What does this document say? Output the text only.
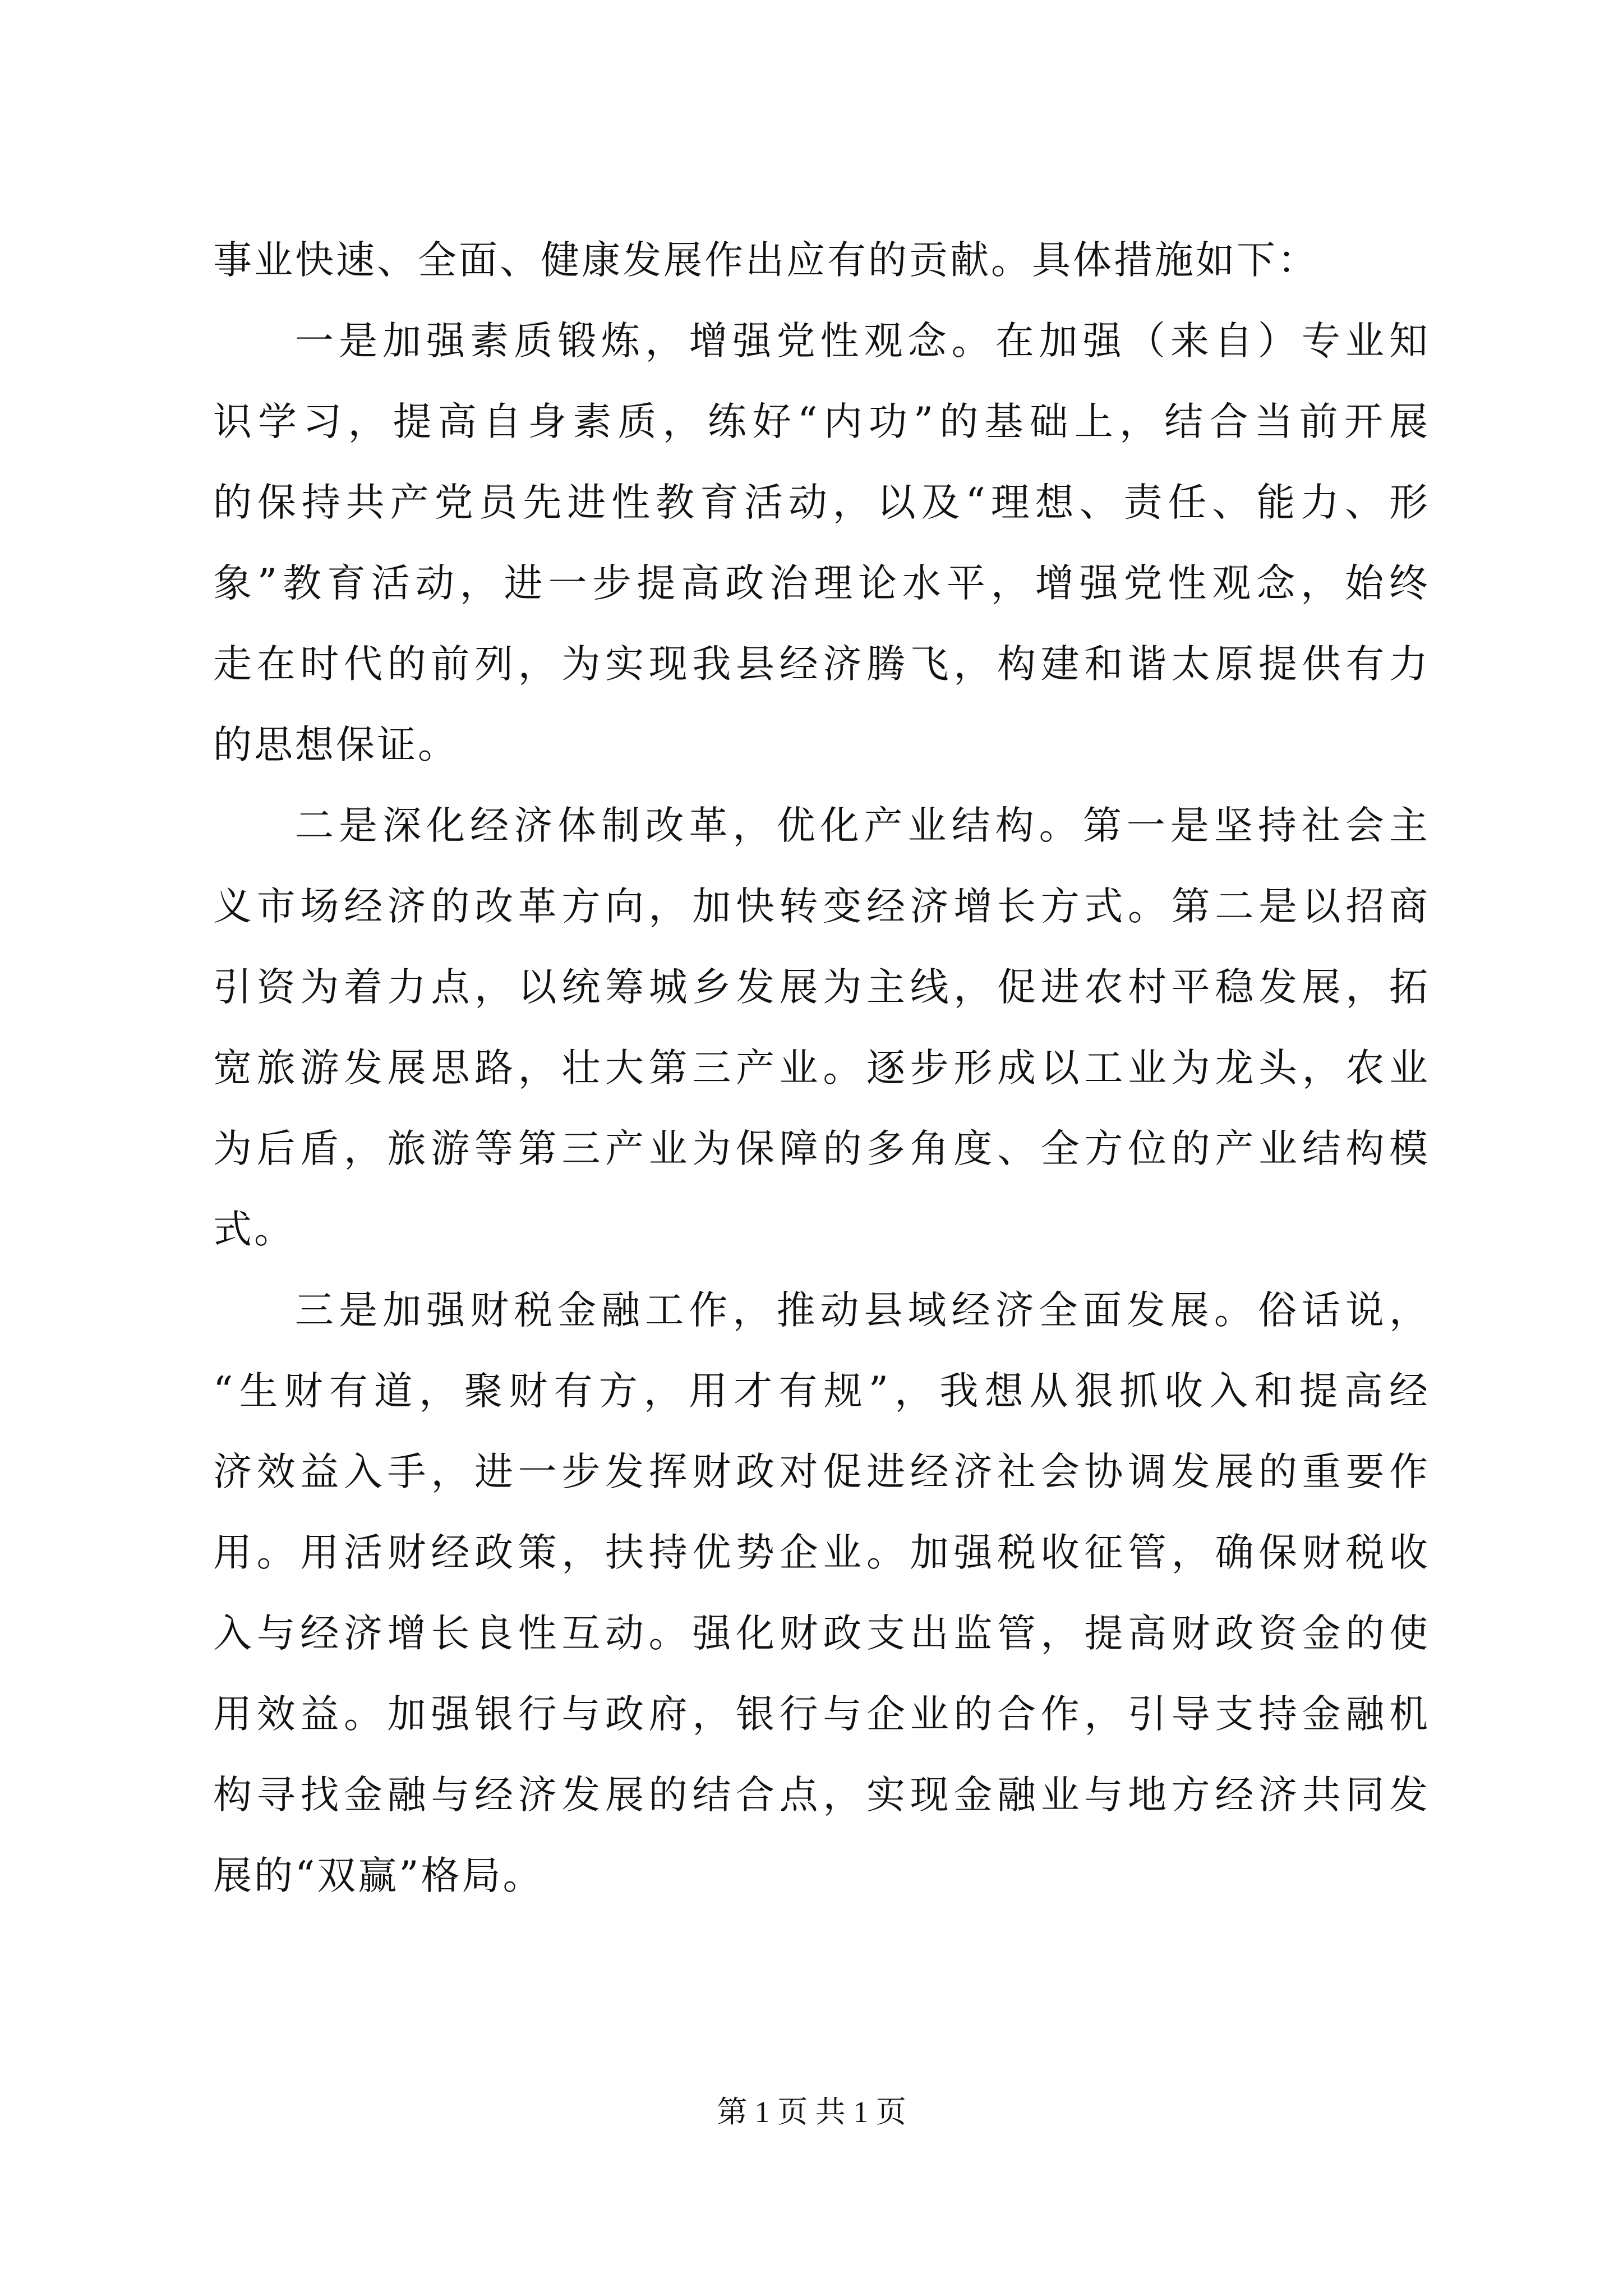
事业快速、全面、健康发展作出应有的贡献。具体措施如下：
一是加强素质锻炼，增强党性观念。在加强（来自）专业知
识学习，提高自身素质，练好“内功”的基础上，结合当前开展
的保持共产党员先进性教育活动，以及“理想、责任、能力、形
象”教育活动，进一步提高政治理论水平，增强党性观念，始终
走在时代的前列，为实现我县经济腾飞，构建和谐太原提供有力
的思想保证。
二是深化经济体制改革，优化产业结构。第一是坚持社会主
义市场经济的改革方向，加快转变经济增长方式。第二是以招商
引资为着力点，以统筹城乡发展为主线，促进农村平稳发展，拓
宽旅游发展思路，壮大第三产业。逐步形成以工业为龙头，农业
为后盾，旅游等第三产业为保障的多角度、全方位的产业结构模
式。
三是加强财税金融工作，推动县域经济全面发展。俗话说，
“生财有道，聚财有方，用才有规”，我想从狠抓收入和提高经
济效益入手，进一步发挥财政对促进经济社会协调发展的重要作
用。用活财经政策，扶持优势企业。加强税收征管，确保财税收
入与经济增长良性互动。强化财政支出监管，提高财政资金的使
用效益。加强银行与政府，银行与企业的合作，引导支持金融机
构寻找金融与经济发展的结合点，实现金融业与地方经济共同发
展的“双赢”格局。
第 1 页 共 1 页
